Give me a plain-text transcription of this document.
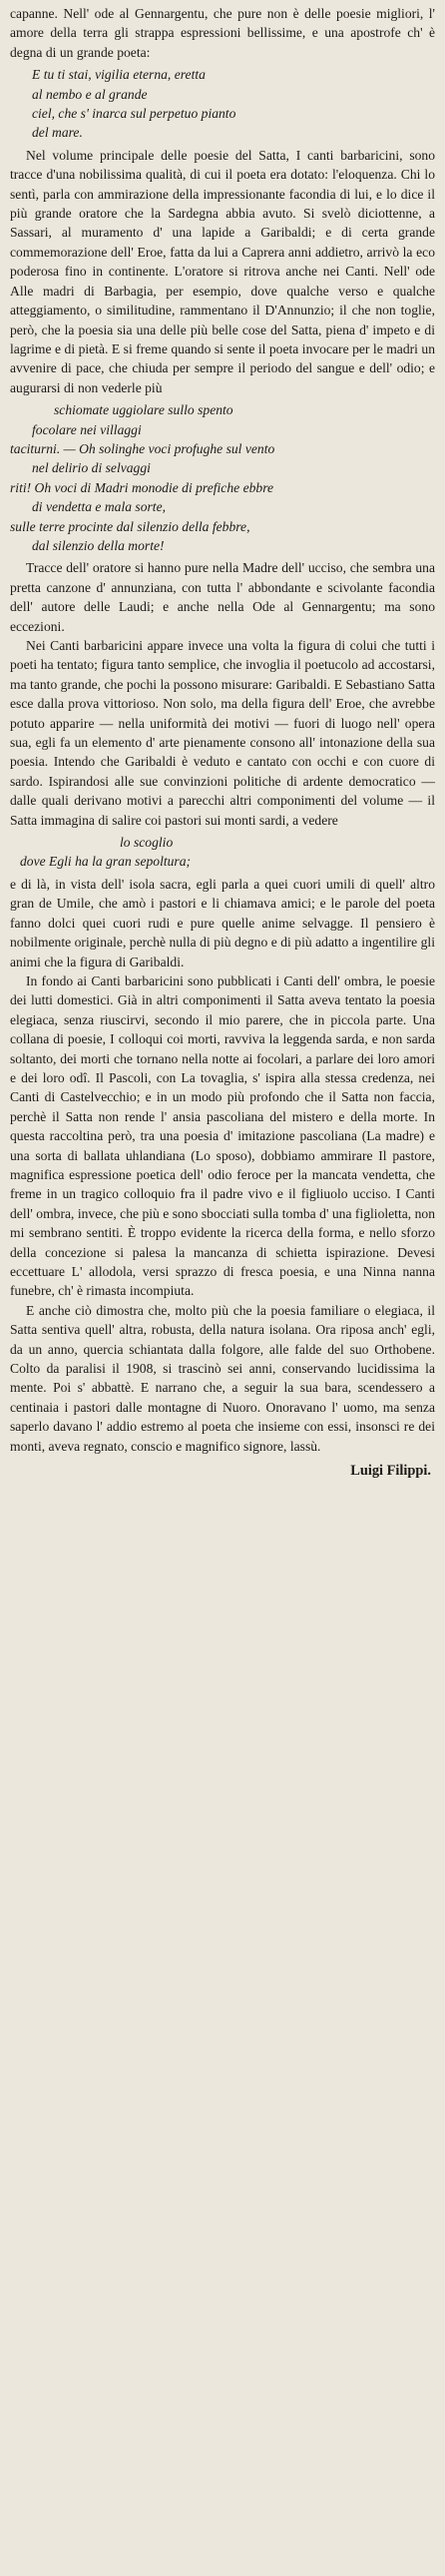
capanne. Nell' ode al Gennargentu, che pure non è delle poesie migliori, l' amore della terra gli strappa espressioni bellissime, e una apostrofe ch' è degna di un grande poeta:

E tu ti stai, vigilia eterna, eretta
al nembo e al grande
ciel, che s' inarca sul perpetuo pianto
del mare.

Nel volume principale delle poesie del Satta, I canti barbaricini, sono tracce d'una nobilissima qualità, di cui il poeta era dotato: l'eloquenza. Chi lo sentì, parla con ammirazione della impressionante facondia di lui, e lo dice il più grande oratore che la Sardegna abbia avuto. Si svelò diciottenne, a Sassari, al muramento d' una lapide a Garibaldi; e di certa grande commemorazione dell' Eroe, fatta da lui a Caprera anni addietro, arrivò la eco poderosa fino in continente. L'oratore si ritrova anche nei Canti. Nell' ode Alle madri di Barbagia, per esempio, dove qualche verso e qualche atteggiamento, o similitudine, rammentano il D'Annunzio; il che non toglie, però, che la poesia sia una delle più belle cose del Satta, piena d' impeto e di lagrime e di pietà. E si freme quando si sente il poeta invocare per le madri un avvenire di pace, che chiuda per sempre il periodo del sangue e dell' odio; e augurarsi di non vederle più

schiomate uggiolare sullo spento
focolare nei villaggi
taciturni. — Oh solinghe voci profughe sul vento
nel delirio di selvaggi
riti! Oh voci di Madri monodie di prefiche ebbre
di vendetta e mala sorte,
sulle terre procinte dal silenzio della febbre,
dal silenzio della morte!

Tracce dell' oratore si hanno pure nella Madre dell' ucciso, che sembra una pretta canzone d' annunziana, con tutta l' abbondante e scivolante facondia dell' autore delle Laudi; e anche nella Ode al Gennargentu; ma sono eccezioni.

Nei Canti barbaricini appare invece una volta la figura di colui che tutti i poeti ha tentato; figura tanto semplice, che invoglia il poetucolo ad accostarsi, ma tanto grande, che pochi la possono misurare: Garibaldi. E Sebastiano Satta esce dalla prova vittorioso. Non solo, ma della figura dell' Eroe, che avrebbe potuto apparire — nella uniformità dei motivi — fuori di luogo nell' opera sua, egli fa un elemento d' arte pienamente consono all' intonazione della sua poesia. Intendo che Garibaldi è veduto e cantato con occhi e con cuore di sardo. Ispirandosi alle sue convinzioni politiche di ardente democratico — dalle quali derivano motivi a parecchi altri componimenti del volume — il Satta immagina di salire coi pastori sui monti sardi, a vedere

lo scoglio
dove Egli ha la gran sepoltura;

e di là, in vista dell' isola sacra, egli parla a quei cuori umili di quell' altro gran de Umile, che amò i pastori e li chiamava amici; e le parole del poeta fanno dolci quei cuori rudi e pure quelle anime selvagge. Il pensiero è nobilmente originale, perchè nulla di più degno e di più adatto a ingentilire gli animi che la figura di Garibaldi.

In fondo ai Canti barbaricini sono pubblicati i Canti dell' ombra, le poesie dei lutti domestici. Già in altri componimenti il Satta aveva tentato la poesia elegiaca, senza riuscirvi, secondo il mio parere, che in piccola parte. Una collana di poesie, I colloqui coi morti, ravviva la leggenda sarda, e non sarda soltanto, dei morti che tornano nella notte ai focolari, a parlare dei loro amori e dei loro odî. Il Pascoli, con La tovaglia, s' ispira alla stessa credenza, nei Canti di Castelvecchio; e in un modo più profondo che il Satta non faccia, perchè il Satta non rende l' ansia pascoliana del mistero e della morte. In questa raccoltina però, tra una poesia d' imitazione pascoliana (La madre) e una sorta di ballata uhlandiana (Lo sposo), dobbiamo ammirare Il pastore, magnifica espressione poetica dell' odio feroce per la mancata vendetta, che freme in un tragico colloquio fra il padre vivo e il figliuolo ucciso. I Canti dell' ombra, invece, che più e sono sbocciati sulla tomba d' una figlioletta, non mi sembrano sentiti. È troppo evidente la ricerca della forma, e nello sforzo della concezione si palesa la mancanza di schietta ispirazione. Devesi eccettuare L' allodola, versi sprazzo di fresca poesia, e una Ninna nanna funebre, ch' è rimasta incompiuta.

E anche ciò dimostra che, molto più che la poesia familiare o elegiaca, il Satta sentiva quell' altra, robusta, della natura isolana. Ora riposa anch' egli, da un anno, quercia schiantata dalla folgore, alle falde del suo Orthobene. Colto da paralisi il 1908, si trascinò sei anni, conservando lucidissima la mente. Poi s' abbattè. E narrano che, a seguir la sua bara, scendessero a centinaia i pastori dalle montagne di Nuoro. Onoravano l' uomo, ma senza saperlo davano l' addio estremo al poeta che insieme con essi, insonsci re dei monti, aveva regnato, conscio e magnifico signore, lassù.

Luigi Filippi.
